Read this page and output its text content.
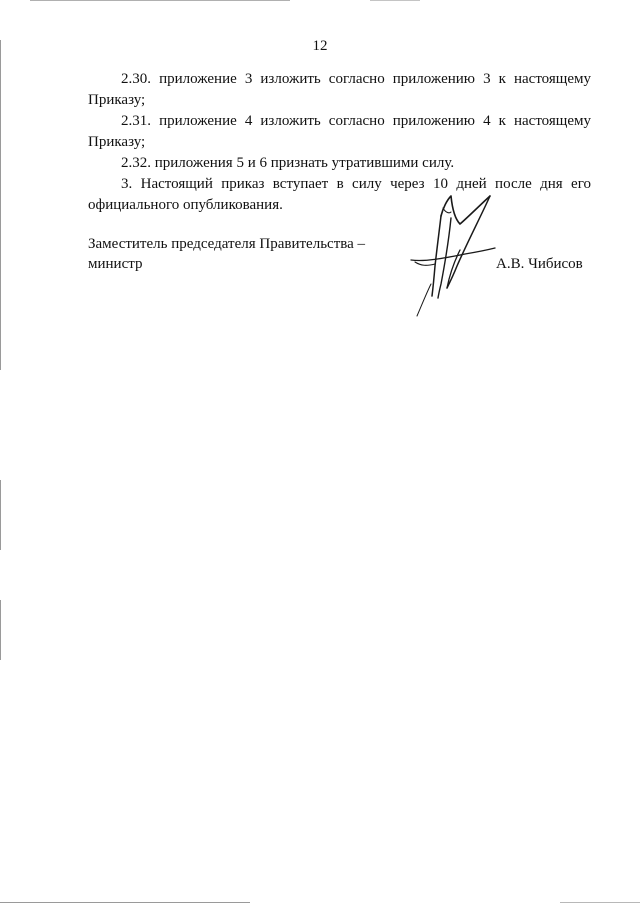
12

2.30. приложение 3 изложить согласно приложению 3 к настоящему Приказу;

2.31. приложение 4 изложить согласно приложению 4 к настоящему Приказу;

2.32. приложения 5 и 6 признать утратившими силу.

3. Настоящий приказ вступает в силу через 10 дней после дня его официального опубликования.

Заместитель председателя Правительства –
министр	А.В. Чибисов
